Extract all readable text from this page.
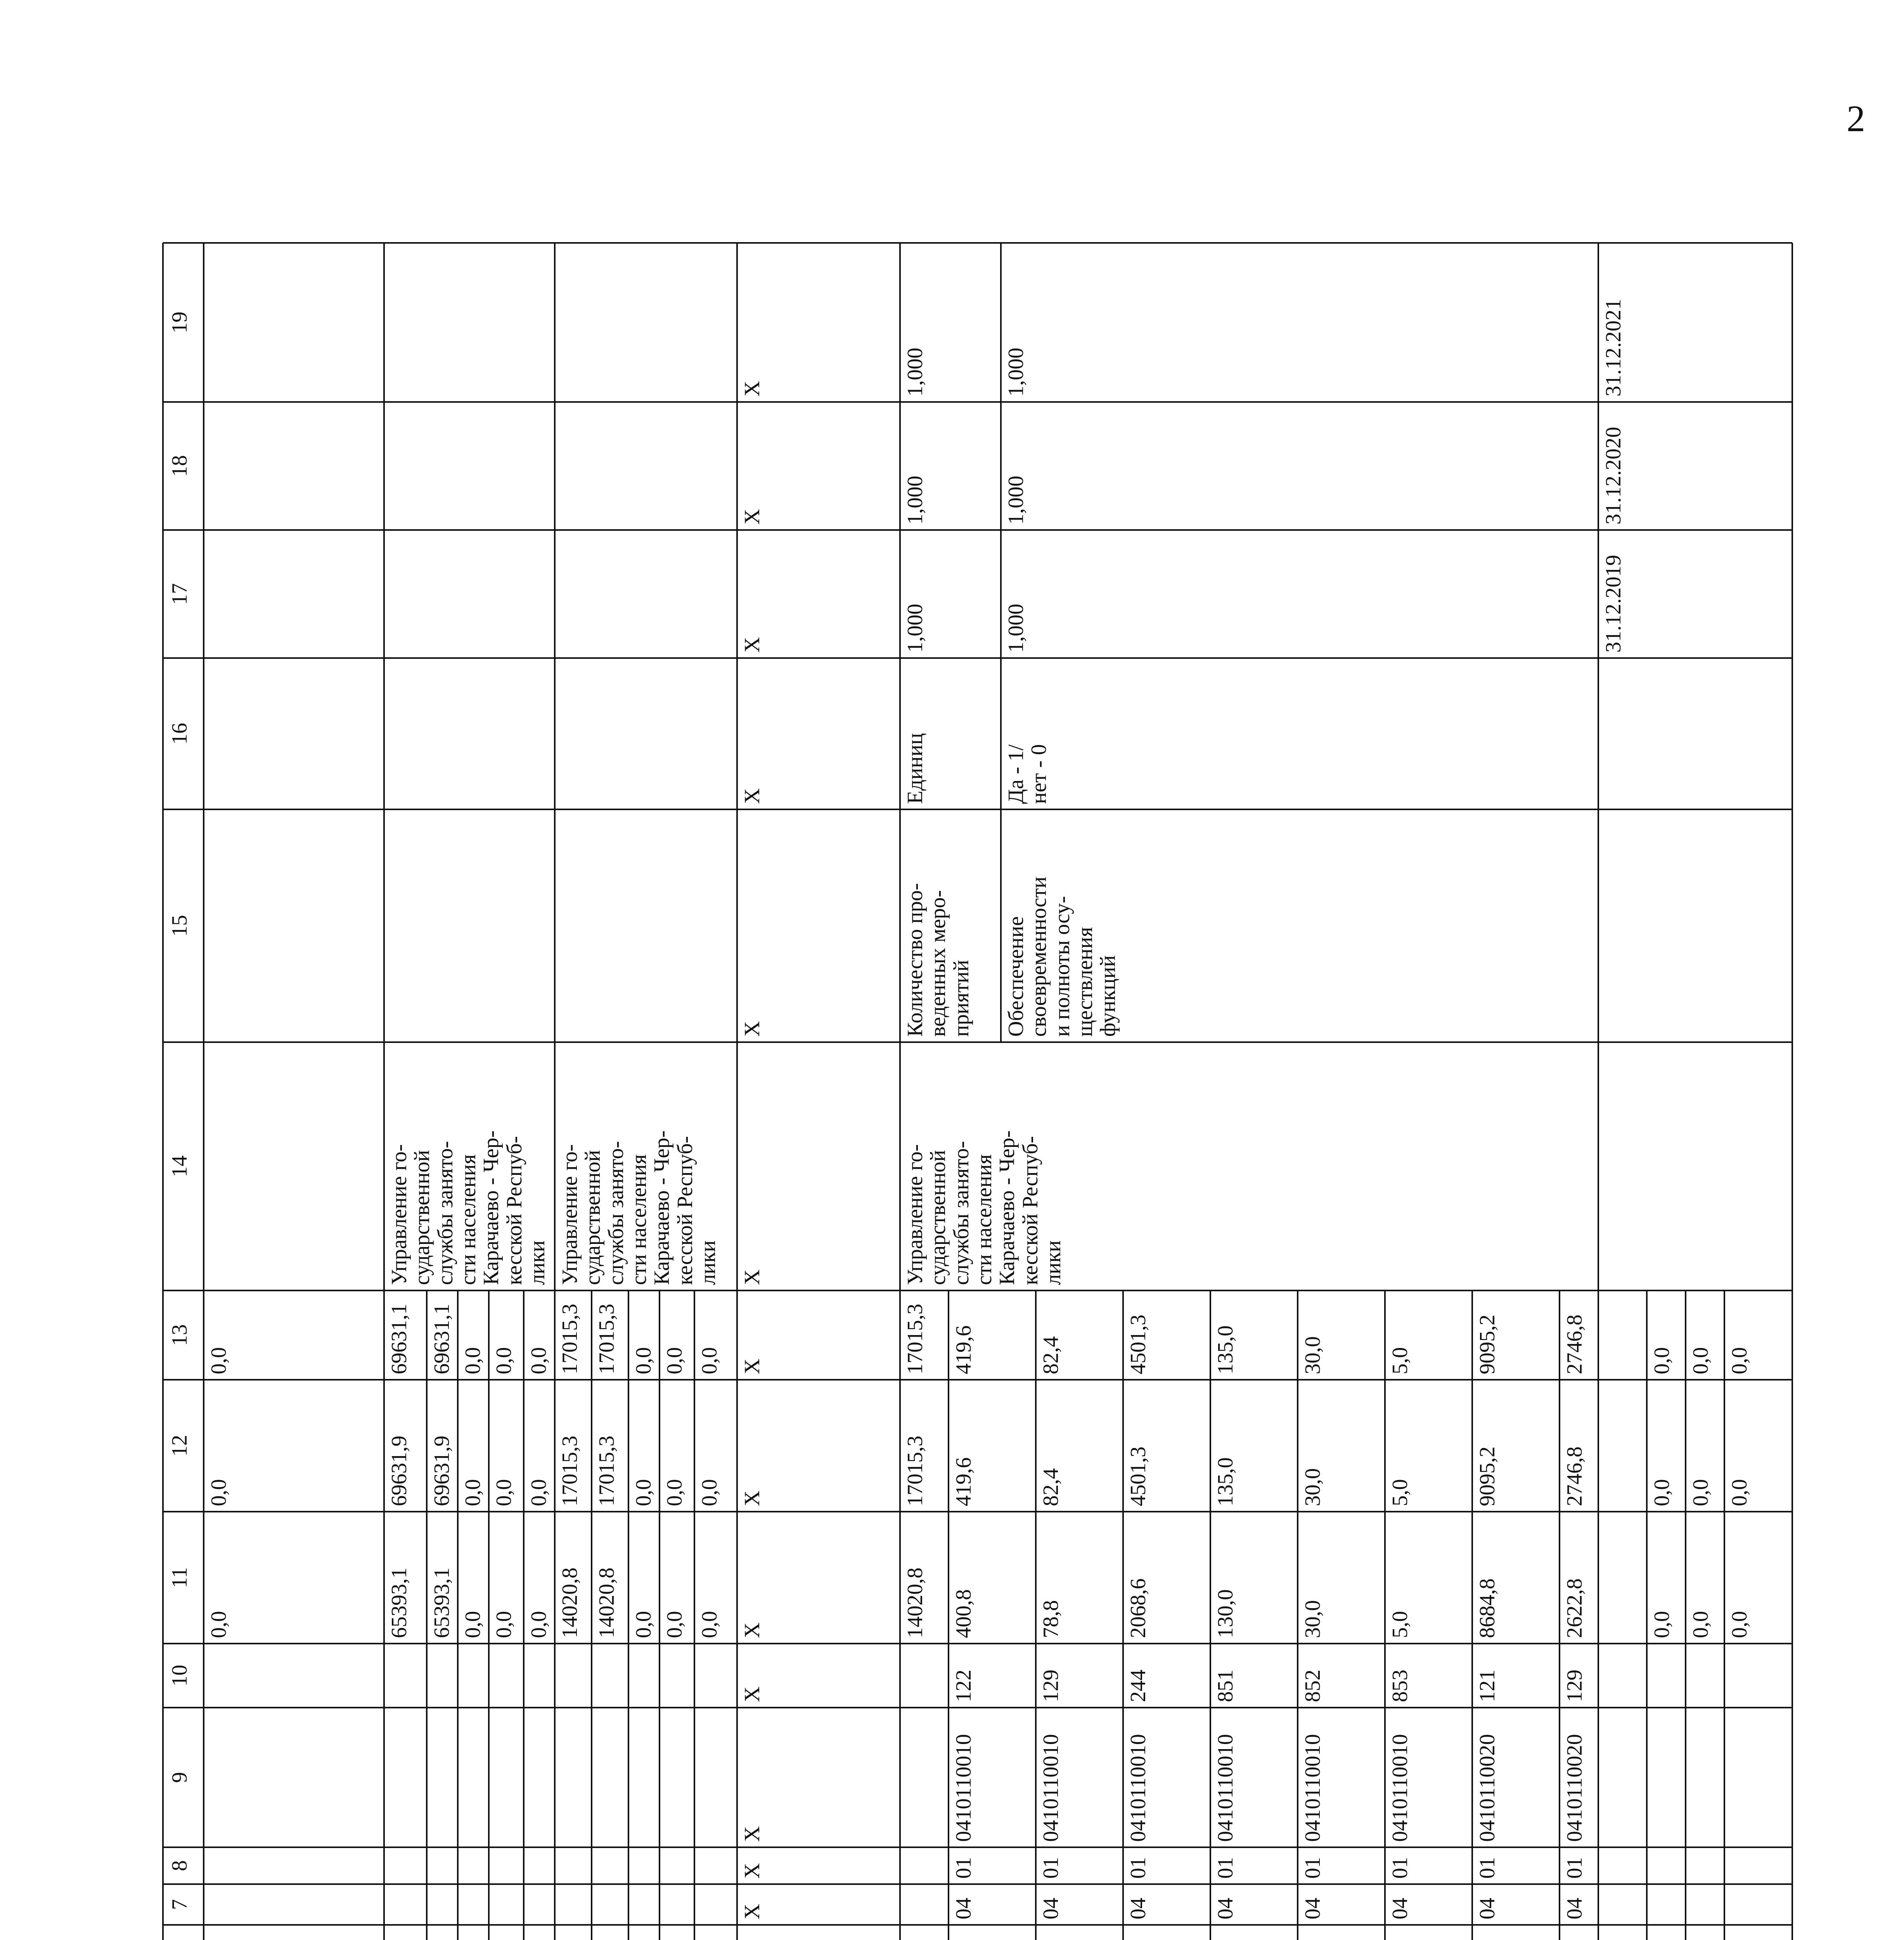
2
7
8
9
10
11
12
13
14
15
16
17
18
19
0,0
0,0
0,0
Управление го-
сударственной
службы занято-
сти населения
Карачаево - Чер-
кесской Респуб-
лики
65393,1
69631,9
69631,1
65393,1
69631,9
69631,1
0,0
0,0
0,0
0,0
0,0
0,0
0,0
0,0
0,0
Управление го-
сударственной
службы занято-
сти населения
Карачаево - Чер-
кесской Респуб-
лики
14020,8
17015,3
17015,3
14020,8
17015,3
17015,3
0,0
0,0
0,0
0,0
0,0
0,0
0,0
0,0
0,0
X
X
X
X
X
X
X
X
X
X
X
X
X
Управление го-
сударственной
службы занято-
сти населения
Карачаево - Чер-
кесской Респуб-
лики
14020,8
17015,3
17015,3
04
01
0410110010
122
400,8
419,6
419,6
04
01
0410110010
129
78,8
82,4
82,4
04
01
0410110010
244
2068,6
4501,3
4501,3
04
01
0410110010
851
130,0
135,0
135,0
04
01
0410110010
852
30,0
30,0
30,0
04
01
0410110010
853
5,0
5,0
5,0
04
01
0410110020
121
8684,8
9095,2
9095,2
04
01
0410110020
129
2622,8
2746,8
2746,8
0,0
0,0
0,0
0,0
0,0
0,0
0,0
0,0
0,0
Количество про-
веденных меро-
приятий
Единиц
1,000
1,000
1,000
Обеспечение
своевременности
и полноты осу-
ществления
функций
Да - 1/
нет - 0
1,000
1,000
1,000
31.12.2019
31.12.2020
31.12.2021
